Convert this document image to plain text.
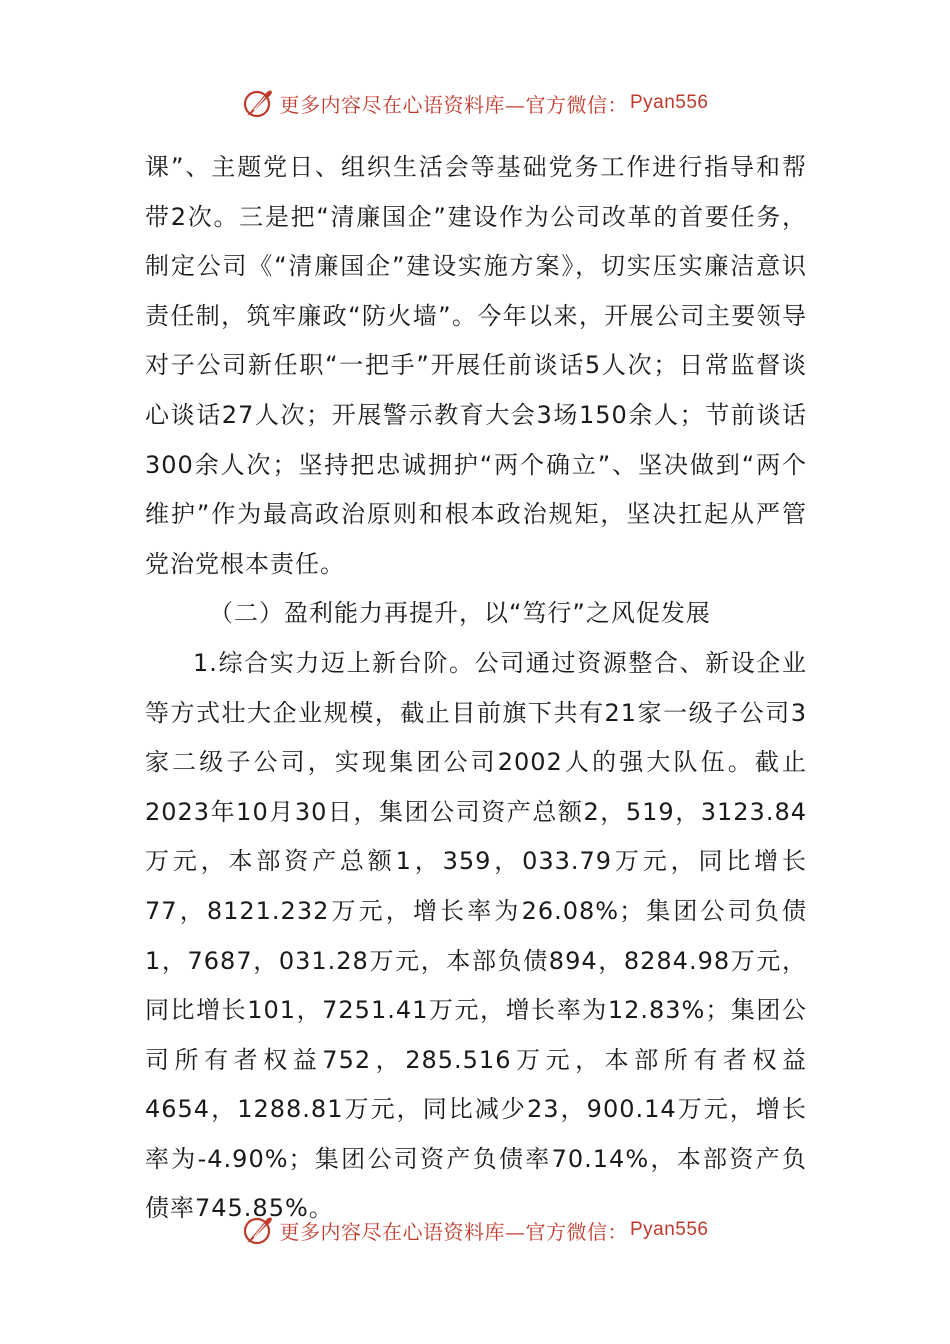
更多内容尽在心语资料库—官方微信： Pyan556

课”、主题党日、组织生活会等基础党务工作进行指导和帮带2次。三是把“清廉国企”建设作为公司改革的首要任务，制定公司《“清廉国企”建设实施方案》，切实压实廉洁意识责任制，筑牢廉政“防火墙”。今年以来，开展公司主要领导对子公司新任职“一把手”开展任前谈话5人次；日常监督谈心谈话27人次；开展警示教育大会3场150余人；节前谈话300余人次；坚持把忠诚拥护“两个确立”、坚决做到“两个维护”作为最高政治原则和根本政治规矩，坚决扛起从严管党治党根本责任。

（二）盈利能力再提升，以“笃行”之风促发展

1.综合实力迈上新台阶。公司通过资源整合、新设企业等方式壮大企业规模，截止目前旗下共有21家一级子公司3家二级子公司，实现集团公司2002人的强大队伍。截止2023年10月30日，集团公司资产总额2，519，3123.84万元，本部资产总额1，359，033.79万元，同比增长77，8121.232万元，增长率为26.08%；集团公司负债1，7687，031.28万元，本部负债894，8284.98万元，同比增长101，7251.41万元，增长率为12.83%；集团公司所有者权益752，285.516万元，本部所有者权益4654，1288.81万元，同比减少23，900.14万元，增长率为-4.90%；集团公司资产负债率70.14%，本部资产负债率745.85%。

更多内容尽在心语资料库—官方微信： Pyan556
